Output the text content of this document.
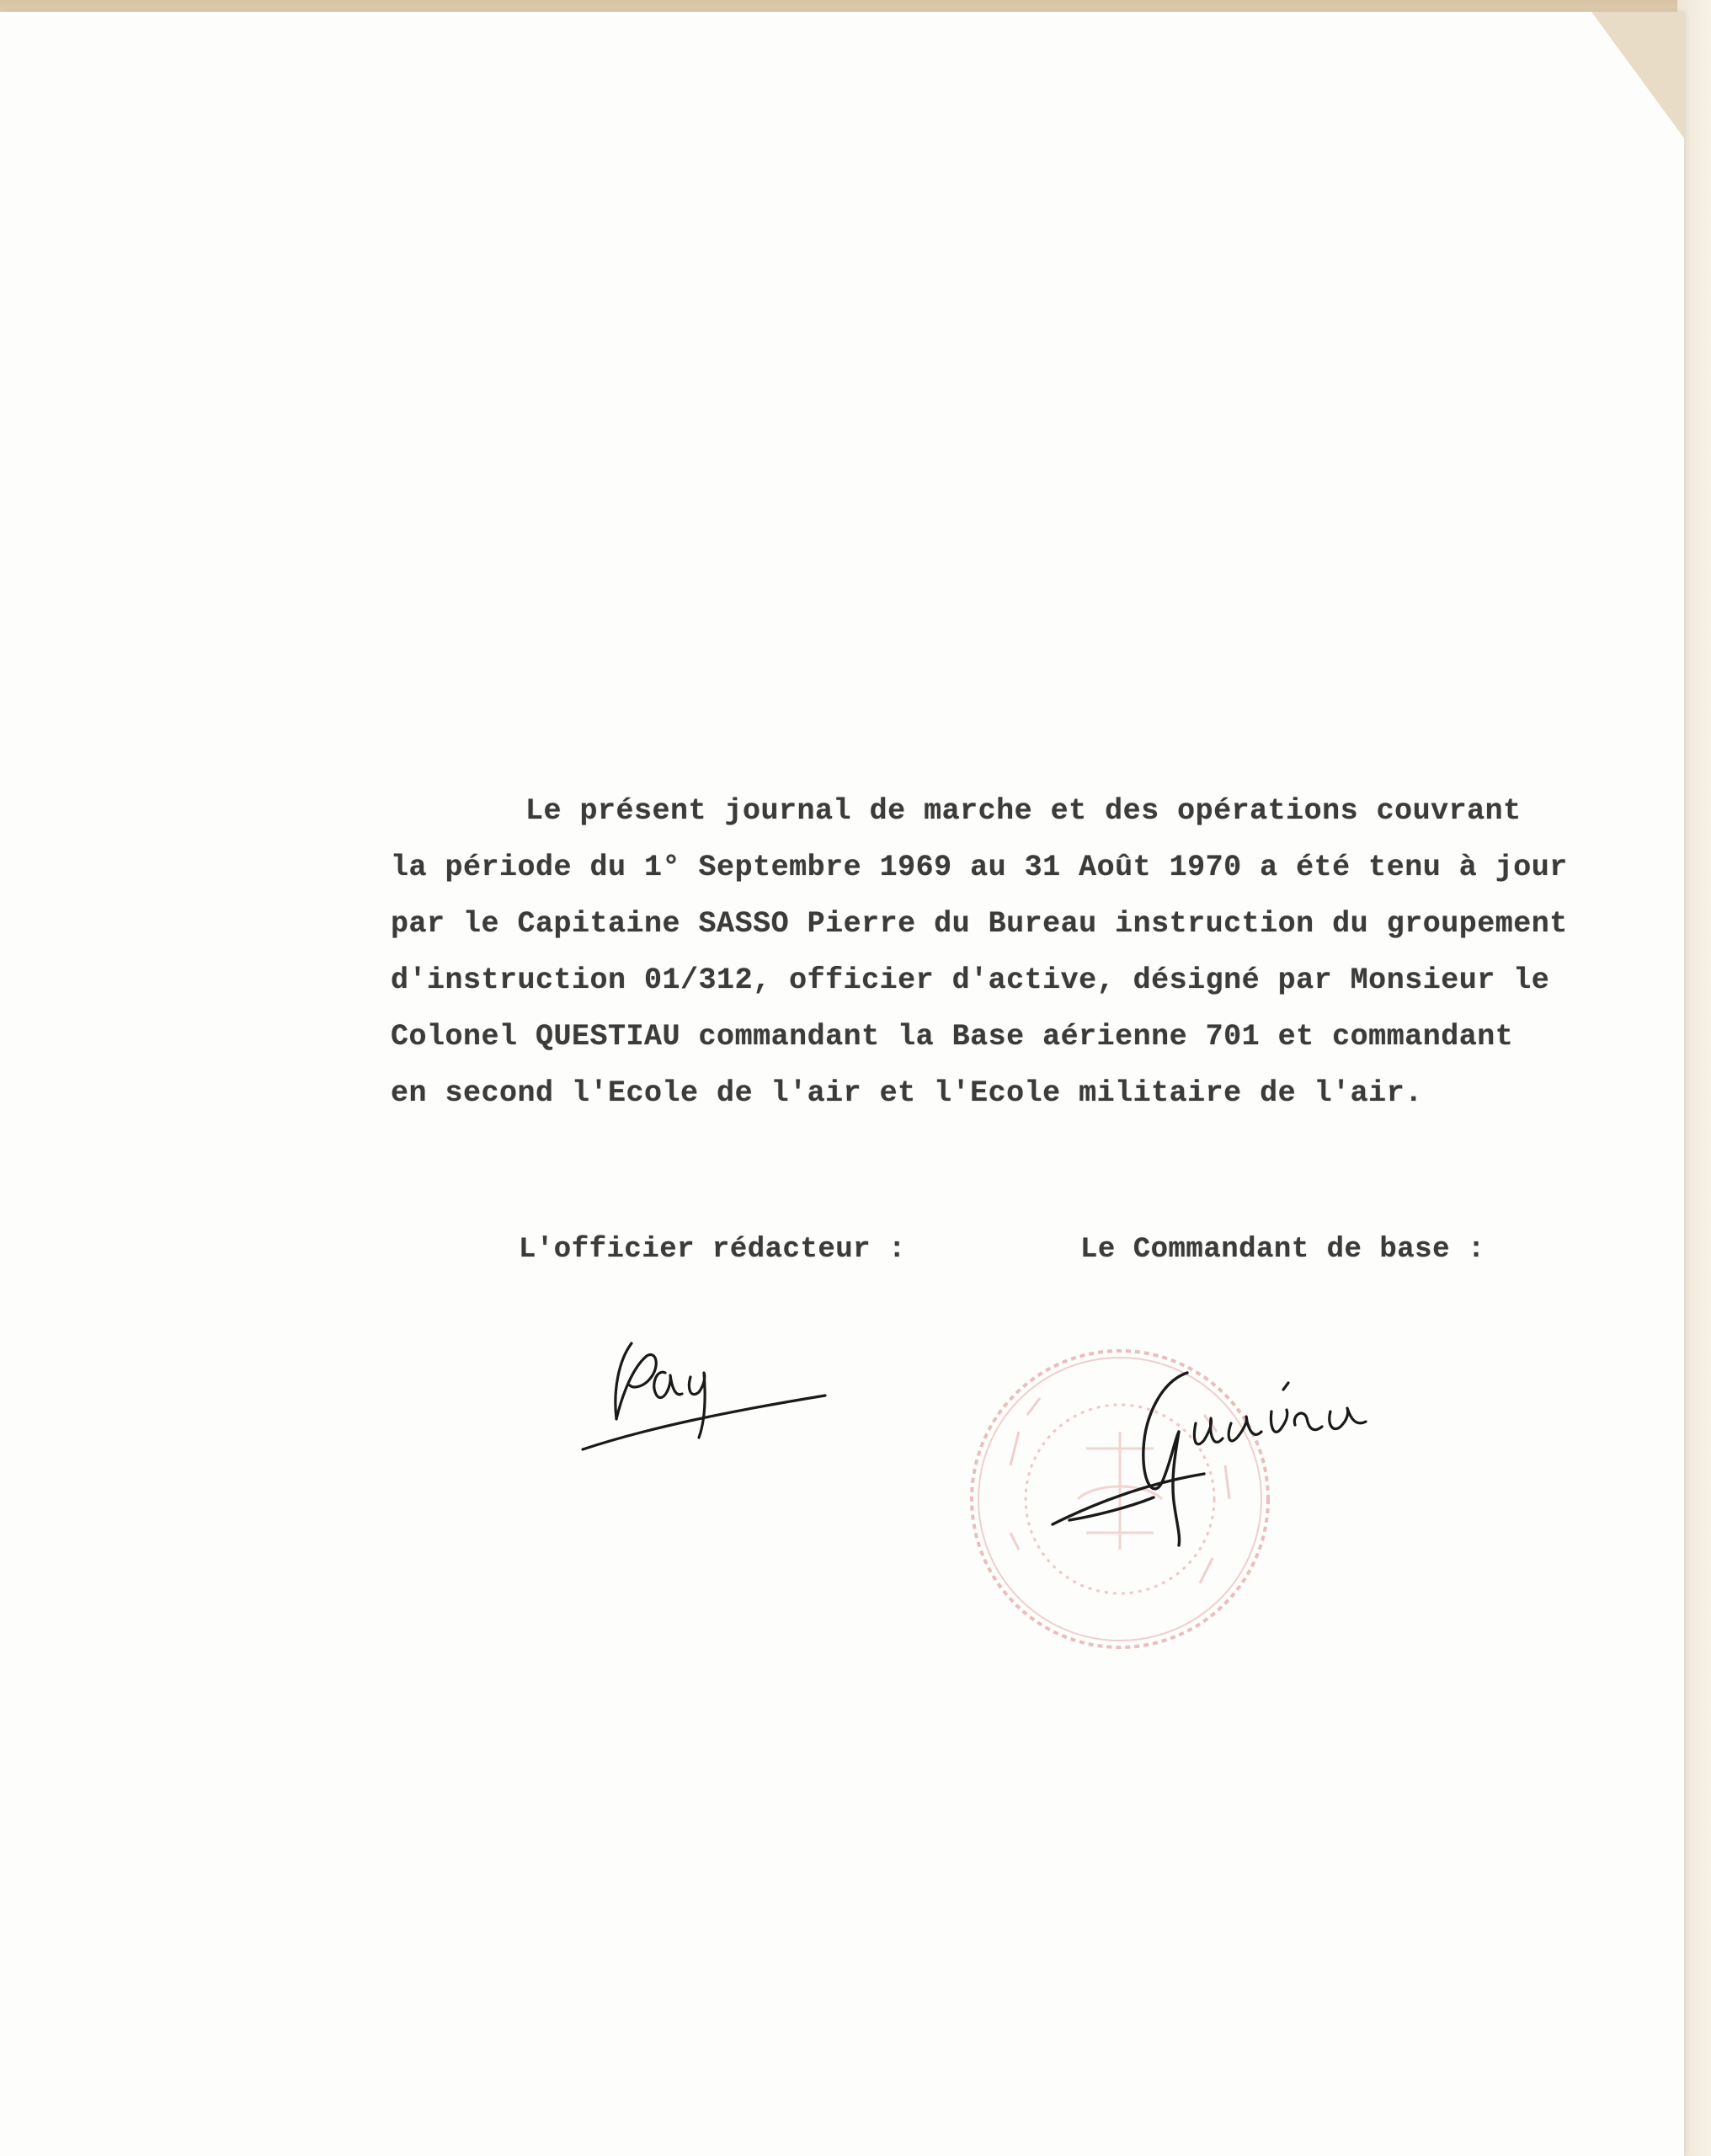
Le présent journal de marche et des opérations couvrant
la période du 1° Septembre 1969 au 31 Août 1970 a été tenu à jour
par le Capitaine SASSO Pierre du Bureau instruction du groupement
d'instruction 01/312, officier d'active, désigné par Monsieur le
Colonel QUESTIAU commandant la Base aérienne 701 et commandant
en second l'Ecole de l'air et l'Ecole militaire de l'air.

L'officier rédacteur :	Le Commandant de base :
